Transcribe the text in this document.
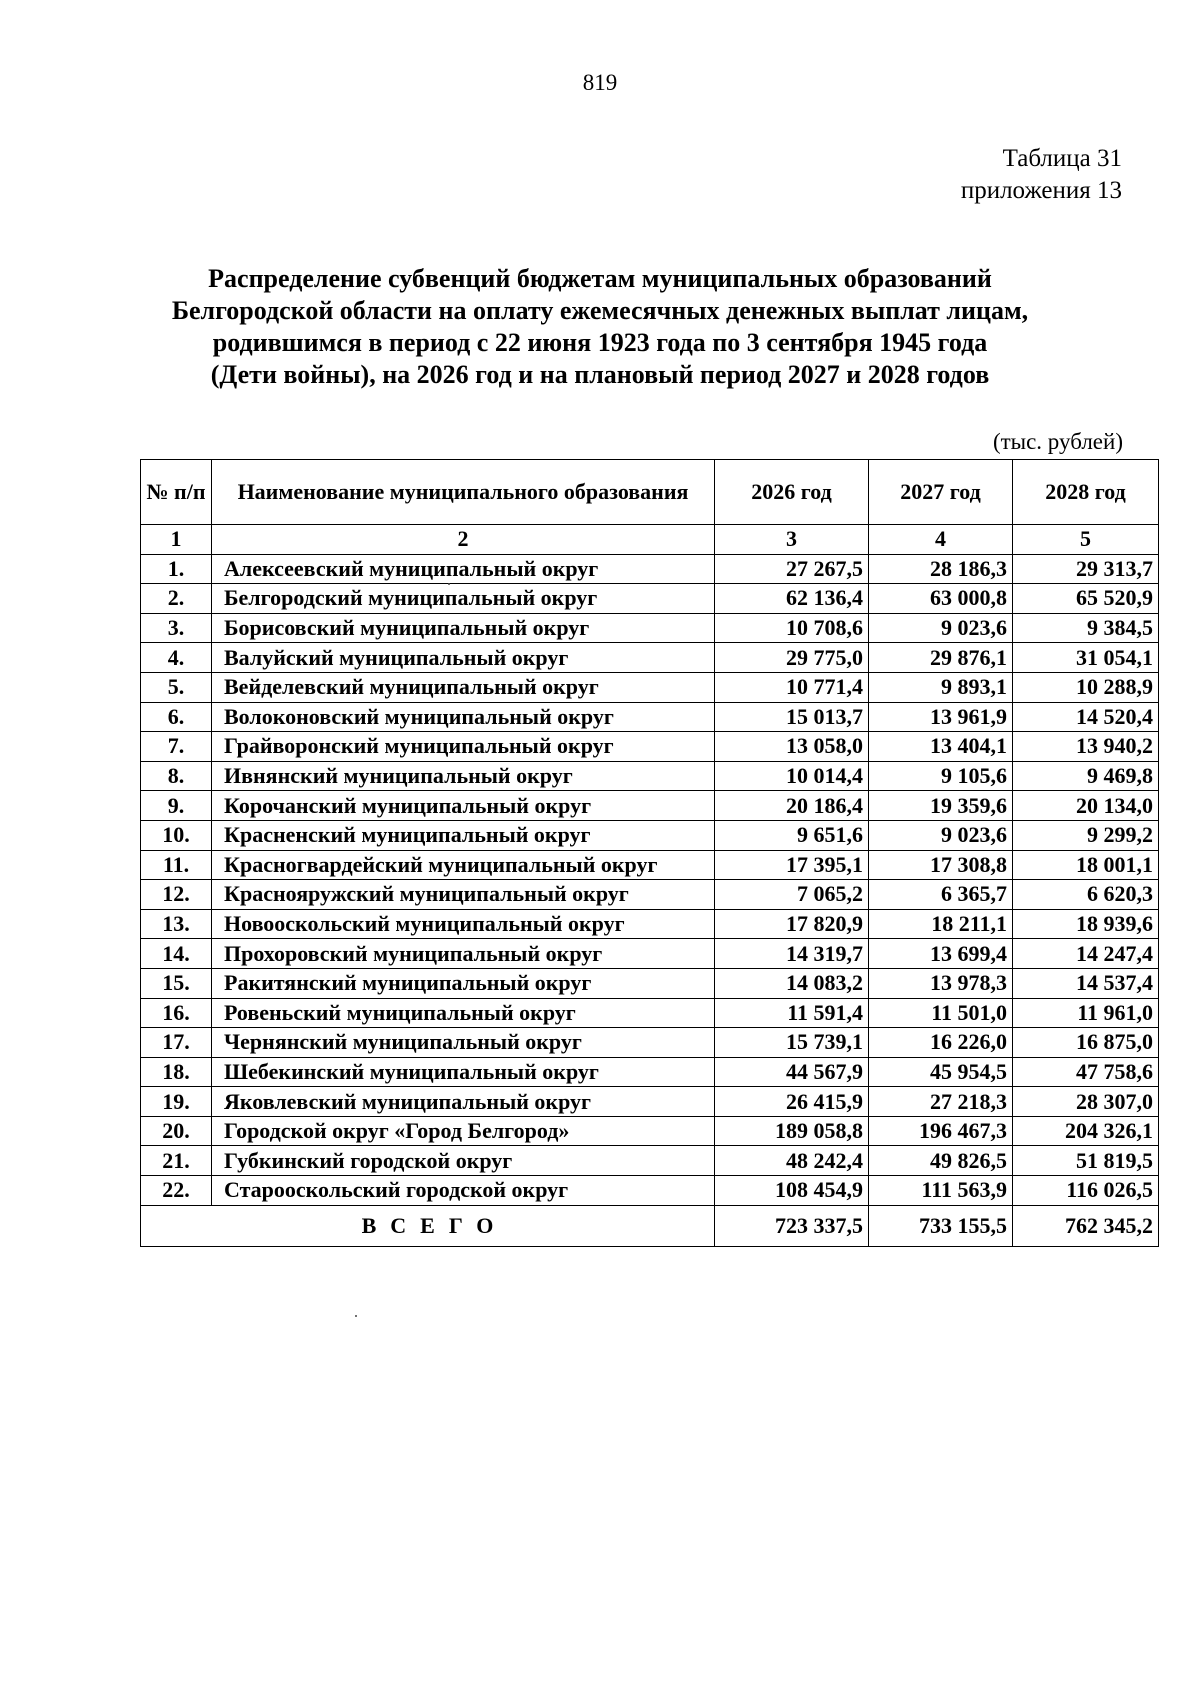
819
Таблица 31
приложения 13
Распределение субвенций бюджетам муниципальных образований
Белгородской области на оплату ежемесячных денежных выплат лицам,
родившимся в период с 22 июня 1923 года по 3 сентября 1945 года
(Дети войны), на 2026 год и на плановый период 2027 и 2028 годов
(тыс. рублей)
№ п/п	Наименование муниципального образования	2026 год	2027 год	2028 год
1	2	3	4	5
1.	Алексеевский муниципальный округ	27 267,5	28 186,3	29 313,7
2.	Белгородский муниципальный округ	62 136,4	63 000,8	65 520,9
3.	Борисовский муниципальный округ	10 708,6	9 023,6	9 384,5
4.	Валуйский муниципальный округ	29 775,0	29 876,1	31 054,1
5.	Вейделевский муниципальный округ	10 771,4	9 893,1	10 288,9
6.	Волоконовский муниципальный округ	15 013,7	13 961,9	14 520,4
7.	Грайворонский муниципальный округ	13 058,0	13 404,1	13 940,2
8.	Ивнянский муниципальный округ	10 014,4	9 105,6	9 469,8
9.	Корочанский муниципальный округ	20 186,4	19 359,6	20 134,0
10.	Красненский муниципальный округ	9 651,6	9 023,6	9 299,2
11.	Красногвардейский муниципальный округ	17 395,1	17 308,8	18 001,1
12.	Краснояружский муниципальный округ	7 065,2	6 365,7	6 620,3
13.	Новооскольский муниципальный округ	17 820,9	18 211,1	18 939,6
14.	Прохоровский муниципальный округ	14 319,7	13 699,4	14 247,4
15.	Ракитянский муниципальный округ	14 083,2	13 978,3	14 537,4
16.	Ровеньский муниципальный округ	11 591,4	11 501,0	11 961,0
17.	Чернянский муниципальный округ	15 739,1	16 226,0	16 875,0
18.	Шебекинский муниципальный округ	44 567,9	45 954,5	47 758,6
19.	Яковлевский муниципальный округ	26 415,9	27 218,3	28 307,0
20.	Городской округ «Город Белгород»	189 058,8	196 467,3	204 326,1
21.	Губкинский городской округ	48 242,4	49 826,5	51 819,5
22.	Старооскольский городской округ	108 454,9	111 563,9	116 026,5
ВСЕГО		723 337,5	733 155,5	762 345,2
